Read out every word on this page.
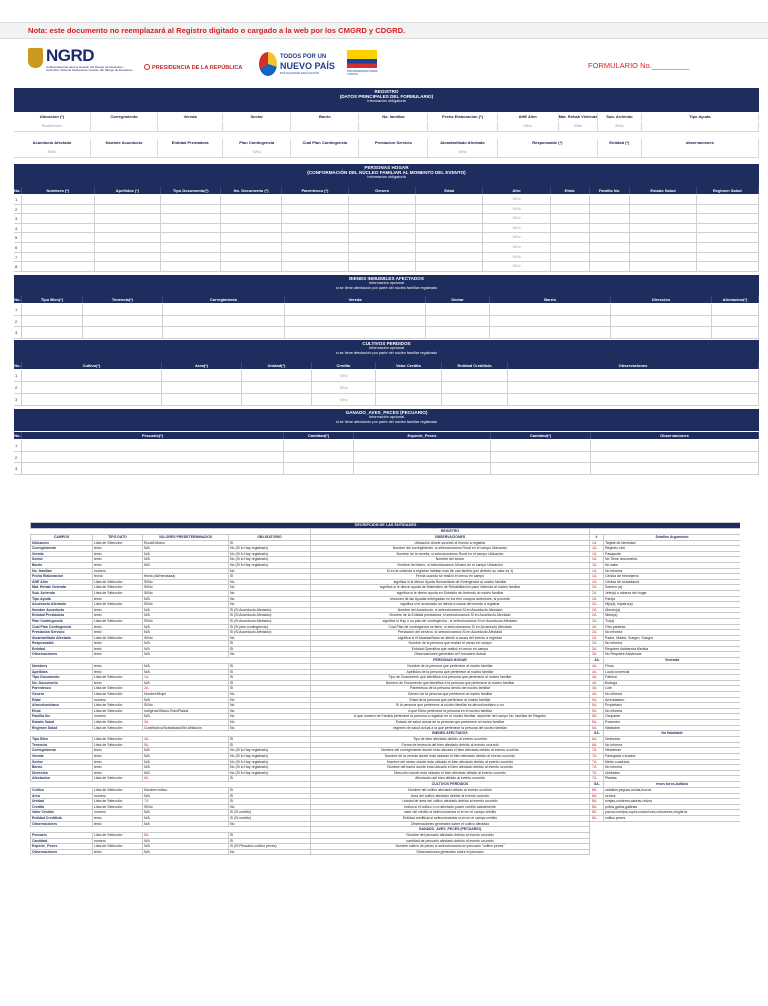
Nota: este documento no reemplazará al Registro digitado o cargado a la web por los CMGRD y CDGRD.
NGRD
Unidad Nacional para la Gestión del Riesgo de Desastres - Colombia. Sistema Nacional de Gestión del Riesgo de Desastres	PRESIDENCIA DE LA REPÚBLICA
TODOS POR UN
NUEVO PAÍS
PAZ EQUIDAD EDUCACIÓN	PROSPERIDAD PARA TODOS
FORMULARIO No._________
REGISTRO
(DATOS PRINCIPALES DEL FORMULARIO)
Informacion obligatoria
Ubicación (*)	Corregimiento	Vereda	Sector	Barrio	No. familias	Fecha Elaboracion (*)	AHE Alim	Mat. Rehab Vivienda	Sub. Arriendo	Tipo Ayuda
Rural/Urbano	Si/No	Si/No	Si/No
Acueducto Afectado	Nombre Acueducto	Entidad Prestadora	Plan Contingencia	Cual Plan Contingencia	Prestacion Servicio	Alcantarillado Afectado	Responsable (*)	Entidad (*)	observaciones
Si/No	Si/No	Si/No
PERSONAS HOGAR
(CONFORMACIÓN DEL NÚCLEO FAMILIAR AL MOMENTO DEL EVENTO)
Informacion obligatoria
No.	Nombres (*)	Apellidos (*)	Tipo Documento(*)	No. Documento (*)	Parentesco (*)	Genero	Edad	Afro	Etnia	Familia No.	Estado Salud	Regimen Salud
1	Si/No
2	Si/No
3	Si/No
4	Si/No
5	Si/No
6	Si/No
7	Si/No
8	Si/No
BIENES INMUEBLES AFECTADOS
Informacion opcional
si se tiene afectación por parte del núcleo familiar registrado
No.	Tipo Bien(*)	Tenencia(*)	Corregimiento	Vereda	Sector	Barrio	Direccion	Afectacion(*)
1
2
3
CULTIVOS PERDIDOS
Información opcional
si se tiene afectación por parte del núcleo familiar registrado
No.	Cultivo(*)	Area(*)	Unidad(*)	Credito	Valor Credito	Entidad Crediticia	Observaciones
1	Si/No
2	Si/No
3	Si/No
GANADO_AVES_PECES (PECUARIO)
Información opcional
si se tiene afectación por parte del núcleo familiar registrado
No.	Pecuario(*)	Cantidad(*)	Especie_Peces	Cantidad(*)	Observaciones
1
2
3
DECRIPCION DE LAS ENTIDADES						
				REGISTRO		
CAMPOS	TIPO DATO	VALORES PREDETERMINADOS	OBLIGATORIO	OBSERVACIONES	#	Detalles Argumento
Ubicacion	Lista de Selección	Rural/Urbano	Si	Ubicación donde sucedió el evento a registrar	1A.	Tarjeta de identidad
Corregimiento	texto	N/A	No (Si lo Hay registrarlo)	Nombre del corregimiento, si seleccionamos Rural en el campo Ubicación	1A.	Registro civil
Vereda	texto	N/A	No (Si lo Hay registrarlo)	Nombre de la vereda, si seleccionamos Rural en el campo Ubicación	1A.	Pasaporte
Sector	texto	N/A	No (Si lo Hay registrarlo)	Nombre del sector	1A.	No Tiene documento
Barrio	texto	N/A	No (Si lo Hay registrarlo)	Nombre del barrio, si seleccionamos Urbano en el campo Ubicación	1A.	No sabe
No. familias	numero		No	Si en la vivienda a registrar habitan mas de una familia (por defecto su valor es 1)	1A.	No informa
Fecha Elaboracion	fecha	fecha (dd/mm/aaaa)	Si	Fecha cuando se realizó el censo en campo	1A.	Cédula de extranjería
AHE Alim	Lista de Selección	Si/No	No	significa si le dieron Ayuda Humanitaria de Emergencia al núcleo familiar	1A.	Cédula de ciudadanía
Mat. Rehab Vivienda	Lista de Selección	Si/No	No	significa si le dieron ayuda de Materiales de Rehabilitación para Vivienda al núcleo familiar	2A.	Sobrino (a)
Sub. Arriendo	Lista de Selección	Si/No	No	significa si le dieron ayuda en Subsidio de Arriendo al núcleo familiar	2A.	Jefe(a) o cabeza del hogar
Tipo Ayuda	texto	N/A	No	resumen de las Ayudas entregadas en los tres campos anteriores, si procede	2A.	Pareja
Acueducto Afectado	Lista de Selección	Si/No	No	significa si el acueducto se afectó a causa del evento a registrar	2A.	Hijo(a), hijastro(a)
Nombre Acueducto	texto	N/A	Si (Si Acueducto Afectado)	Nombre del Acueducto, si seleccionamos Si en Acueducto Afectado	2A.	Abuelo(a)
Entidad Prestadora	texto	N/A	Si (Si Acueducto Afectado)	Nombre de la Entidad prestadora, si seleccionamos Si en Acueducto Afectado	2A.	Nieto(a)
Plan Contingencia	Lista de Selección	Si/No	Si (Si Acueducto Afectado)	significa si Hay o no plan de contingencia , si seleccionamos Si en Acueducto Afectado	2A.	Tío(a)
Cual Plan Contingencia	texto	N/A	Si (Si plan contingencia)	Cual Plan de contingencia se tiene, si seleccionamos Si en Acueducto Afectado	2A.	Otro pariente
Prestacion Servicio	texto	N/A	Si (Si Acueducto Afectado)	Prestación del servicio, si seleccionamos Si en Acueducto Afectado	2A.	No informa
Alcantarillado Afectado	Lista de Selección	Si/No	No	significa si el Alcantarillado se afectó a causa del evento a registrar	2A.	Padre, Madre, Suegro, Suegra
Responsable	texto	N/A	Si	Nombre de la persona que realizó el censo en campo	2A.	No informa
Entidad	texto	N/A	Si	Entidad Operativa que realizó el censo en campo	3A.	Requiere Asistencia Médica
Observaciones	texto	N/A	No	Observaciones generales al Formulario Actual	3A.	No Requiere Asistencia
				PERSONAS HOGAR	4A.	Vivienda
Nombres	texto	N/A	Si	Nombre de la persona que pertenece al núcleo familiar	4A.	Finca
Apellidos	texto	N/A	Si	Apellidos de la persona que pertenece al núcleo familiar	4A.	Local comercial
Tipo Documento	Lista de Selección	1A.	Si	Tipo de Documento que identifica a la persona que pertenece al núcleo familiar	4A.	Fábrica
No. Documento	texto	N/A	Si	Número de Documento que identifica a la persona que pertenece al núcleo familiar	4A.	Bodega
Parentesco	Lista de Selección	2A.	Si	Parentesco de la persona dentro del núcleo familiar	4A.	Lote
Genero	Lista de Selección	Hombre/Mujer	No	Genero de la persona que pertenece al núcleo familiar	4A.	No informa
Edad	numero	N/A	No	Edad de la persona que pertenece al núcleo familiar	5A.	Arrendatario
Afrocolombiano	Lista de Selección	Si/No	No	Si la persona que pertenece al núcleo familiar es afrocolombiano o no	5A.	Propietario
Etnia	Lista de Selección	Indígena/Gitano-Rom/Raizal	No	A qué Etnia pertenece la persona en el núcleo familiar	5A.	No informa
Familia No.	numero	N/A	No	A que número de Familia pertenece la persona a registrar en el núcleo familiar, depende del campo No. familias de Registro	5A.	Ocupante
Estado Salud	Lista de Selección	3A.	No	Estado de salud actual de la persona que pertenece al núcleo familiar	5A.	Poseedor
Regimen Salud	Lista de Selección	Contributivo/Subsidiado/Sin Afiliación	No	regimen de salud actual a la que pertenece la persona del núcleo familiar	6A.	Habitable
				BIENES AFECTADOS	6A.	No Habitable
Tipo Bien	Lista de Selección	4A.	Si	Tipo de bien afectado debido al evento ocurrido	6A.	Destruida
Tenencia	Lista de Selección	5A.	Si	Forma de tenencia del bien afectado debido al evento ocurrido	6A.	No informa
Corregimiento	texto	N/A	No (Si lo Hay registrarlo)	Nombre del corregimiento donde esta ubicado el bien afectado debido al evento ocurrido	7A.	Hectáreas
Vereda	texto	N/A	No (Si lo Hay registrarlo)	Nombre de la vereda donde esta ubicado el bien afectado debido al evento ocurrido	7A.	Fanegada o cuadra
Sector	texto	N/A	No (Si lo Hay registrarlo)	Nombre del sector donde esta ubicado el bien afectado debido al evento ocurrido	7A.	Metro cuadrado
Barrio	texto	N/A	No (Si lo Hay registrarlo)	Nombre del barrio donde esta ubicado el bien afectado debido al evento ocurrido	7A.	No informa
Direccion	texto	N/A	No (Si lo Hay registrarlo)	Dirección donde esta ubicado el bien afectado debido al evento ocurrido	7A.	Unidades
Afectacion	Lista de Selección	6A.	Si	Afectación del bien debido al evento ocurrido	7A.	Plantas
				CULTIVOS PERDIDOS	8A.	reses toros,bufalos
Cultivo	Lista de Selección	Nombre cultivo	Si	Nombre del cultivo afectado debido al evento ocurrido	8A.	caballos,yeguas,mulas,burros
Area	numero	N/A	Si	Area del cultivo afectado debido al evento ocurrido	8A.	cerdos
Unidad	Lista de Selección	7A.	Si	Unidad de área del cultivo afectado debido al evento ocurrido	8A.	ovejas,corderos,cabras,chivos
Credito	Lista de Selección	Si/No	No	Indica si el cultivo o no afectado posee crédito actualmente	8A.	pollos,gallos,gallinas
Valor Credito	numero	N/A	Si (Si credito)	valor del crédito si seleccionamos si en en el campo crédito	8A.	pavos,conejos,cuyes,codornices,cotnarices,chigüiros
Entidad Crediticia	texto	N/A	Si (Si credito)	Entidad crediticia si seleccionamos si en en el campo crédito	8A.	cultivo peces
Observaciones	texto	N/A	No	Observaciones generales sobre el cultivo afectado		
				GANADO_AVES_PECES (PECUARIO)		
Pecuario	Lista de Selección	8A.	Si	Nombre del pecuario afectado debido al evento ocurrido		
Cantidad	numero	N/A	Si	cantidad de pecuario afectado debido al evento ocurrido		
Especie_Peces	Lista de Selección	N/A	Si (Si Pecuario=cultivo peces)	Nombre cultivo de peces si seleccionamos en pecuario "cultivo peces"		
Observaciones	texto	N/A	No	Observaciones generales sobre el pecuario		
